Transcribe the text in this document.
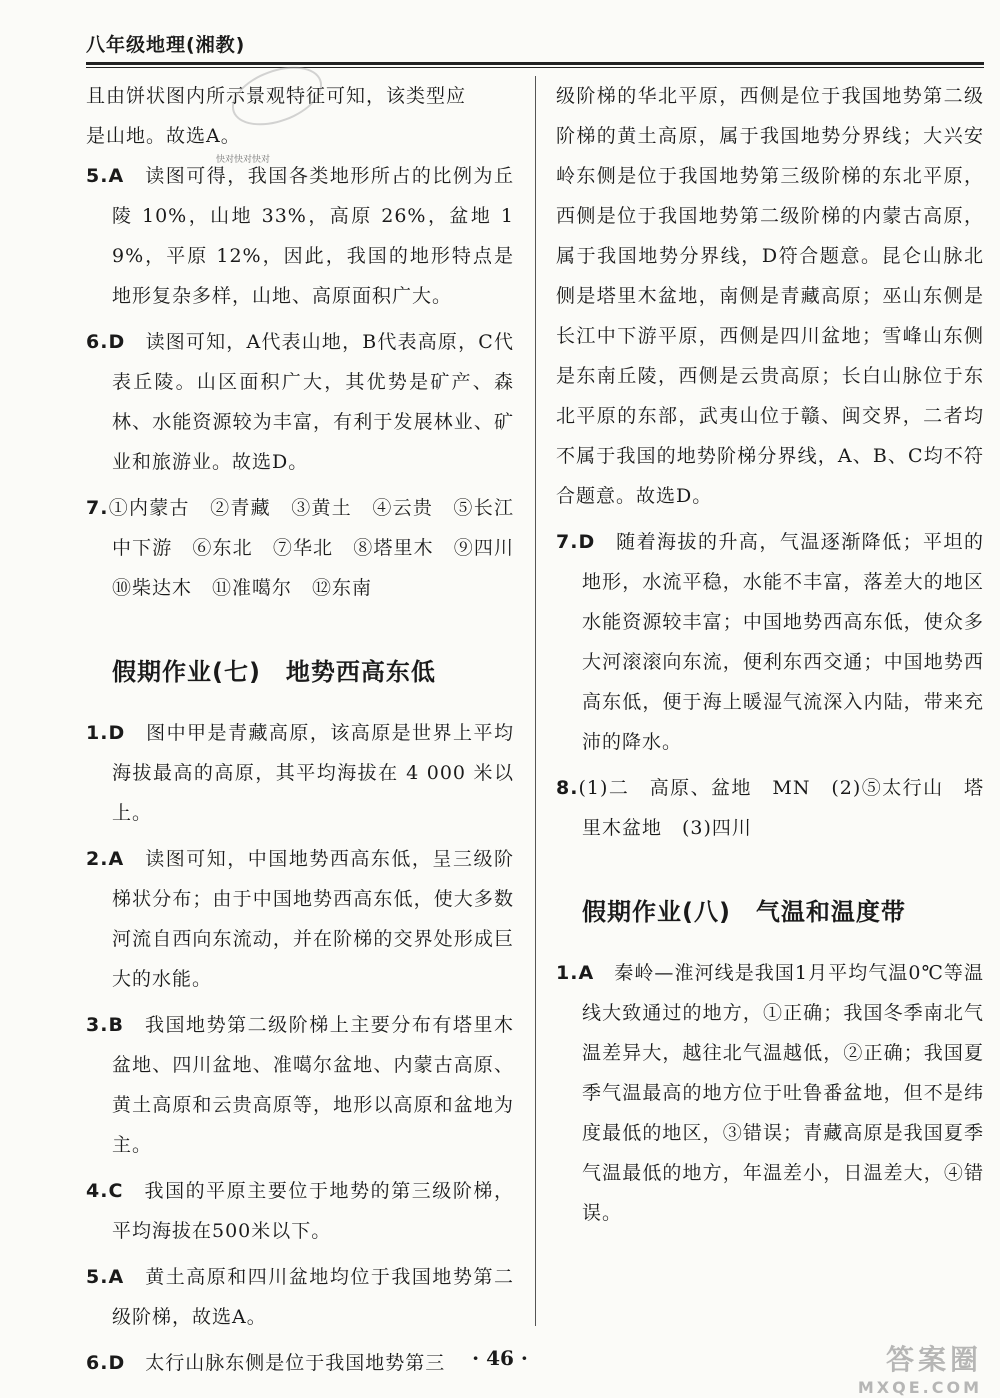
八年级地理(湘教)
快对快对快对

且由饼状图内所示景观特征可知，该类型应
是山地。故选A。

5.A　 读图可得，我国各类地形所占的比例为丘陵 10%，山地 33%，高原 26%，盆地 19%，平原 12%，因此，我国的地形特点是地形复杂多样，山地、高原面积广大。

6.D　 读图可知，A代表山地，B代表高原，C代表丘陵。山区面积广大，其优势是矿产、森林、水能资源较为丰富，有利于发展林业、矿业和旅游业。故选D。

7.①内蒙古　②青藏　③黄土　④云贵　⑤长江中下游　⑥东北　⑦华北　⑧塔里木　⑨四川　⑩柴达木　⑪准噶尔　⑫东南

假期作业(七)　地势西高东低

1.D　 图中甲是青藏高原，该高原是世界上平均海拔最高的高原，其平均海拔在 4 000 米以上。

2.A　 读图可知，中国地势西高东低，呈三级阶梯状分布；由于中国地势西高东低，使大多数河流自西向东流动，并在阶梯的交界处形成巨大的水能。

3.B　 我国地势第二级阶梯上主要分布有塔里木盆地、四川盆地、准噶尔盆地、内蒙古高原、黄土高原和云贵高原等，地形以高原和盆地为主。

4.C　 我国的平原主要位于地势的第三级阶梯，平均海拔在500米以下。

5.A　 黄土高原和四川盆地均位于我国地势第二级阶梯，故选A。

6.D　 太行山脉东侧是位于我国地势第三

级阶梯的华北平原，西侧是位于我国地势第二级阶梯的黄土高原，属于我国地势分界线；大兴安岭东侧是位于我国地势第三级阶梯的东北平原，西侧是位于我国地势第二级阶梯的内蒙古高原，属于我国地势分界线，D符合题意。昆仑山脉北侧是塔里木盆地，南侧是青藏高原；巫山东侧是长江中下游平原，西侧是四川盆地；雪峰山东侧是东南丘陵，西侧是云贵高原；长白山脉位于东北平原的东部，武夷山位于赣、闽交界，二者均不属于我国的地势阶梯分界线，A、B、C均不符合题意。故选D。

7.D　 随着海拔的升高，气温逐渐降低；平坦的地形，水流平稳，水能不丰富，落差大的地区水能资源较丰富；中国地势西高东低，使众多大河滚滚向东流，便利东西交通；中国地势西高东低，便于海上暖湿气流深入内陆，带来充沛的降水。

8.(1)二　高原、盆地　MN　(2)⑤太行山　塔里木盆地　(3)四川

假期作业(八)　气温和温度带

1.A　 秦岭—淮河线是我国1月平均气温0℃等温线大致通过的地方，①正确；我国冬季南北气温差异大，越往北气温越低，②正确；我国夏季气温最高的地方位于吐鲁番盆地，但不是纬度最低的地区，③错误；青藏高原是我国夏季气温最低的地方，年温差小，日温差大，④错误。

· 46 ·	答案圈
MXQE.COM
